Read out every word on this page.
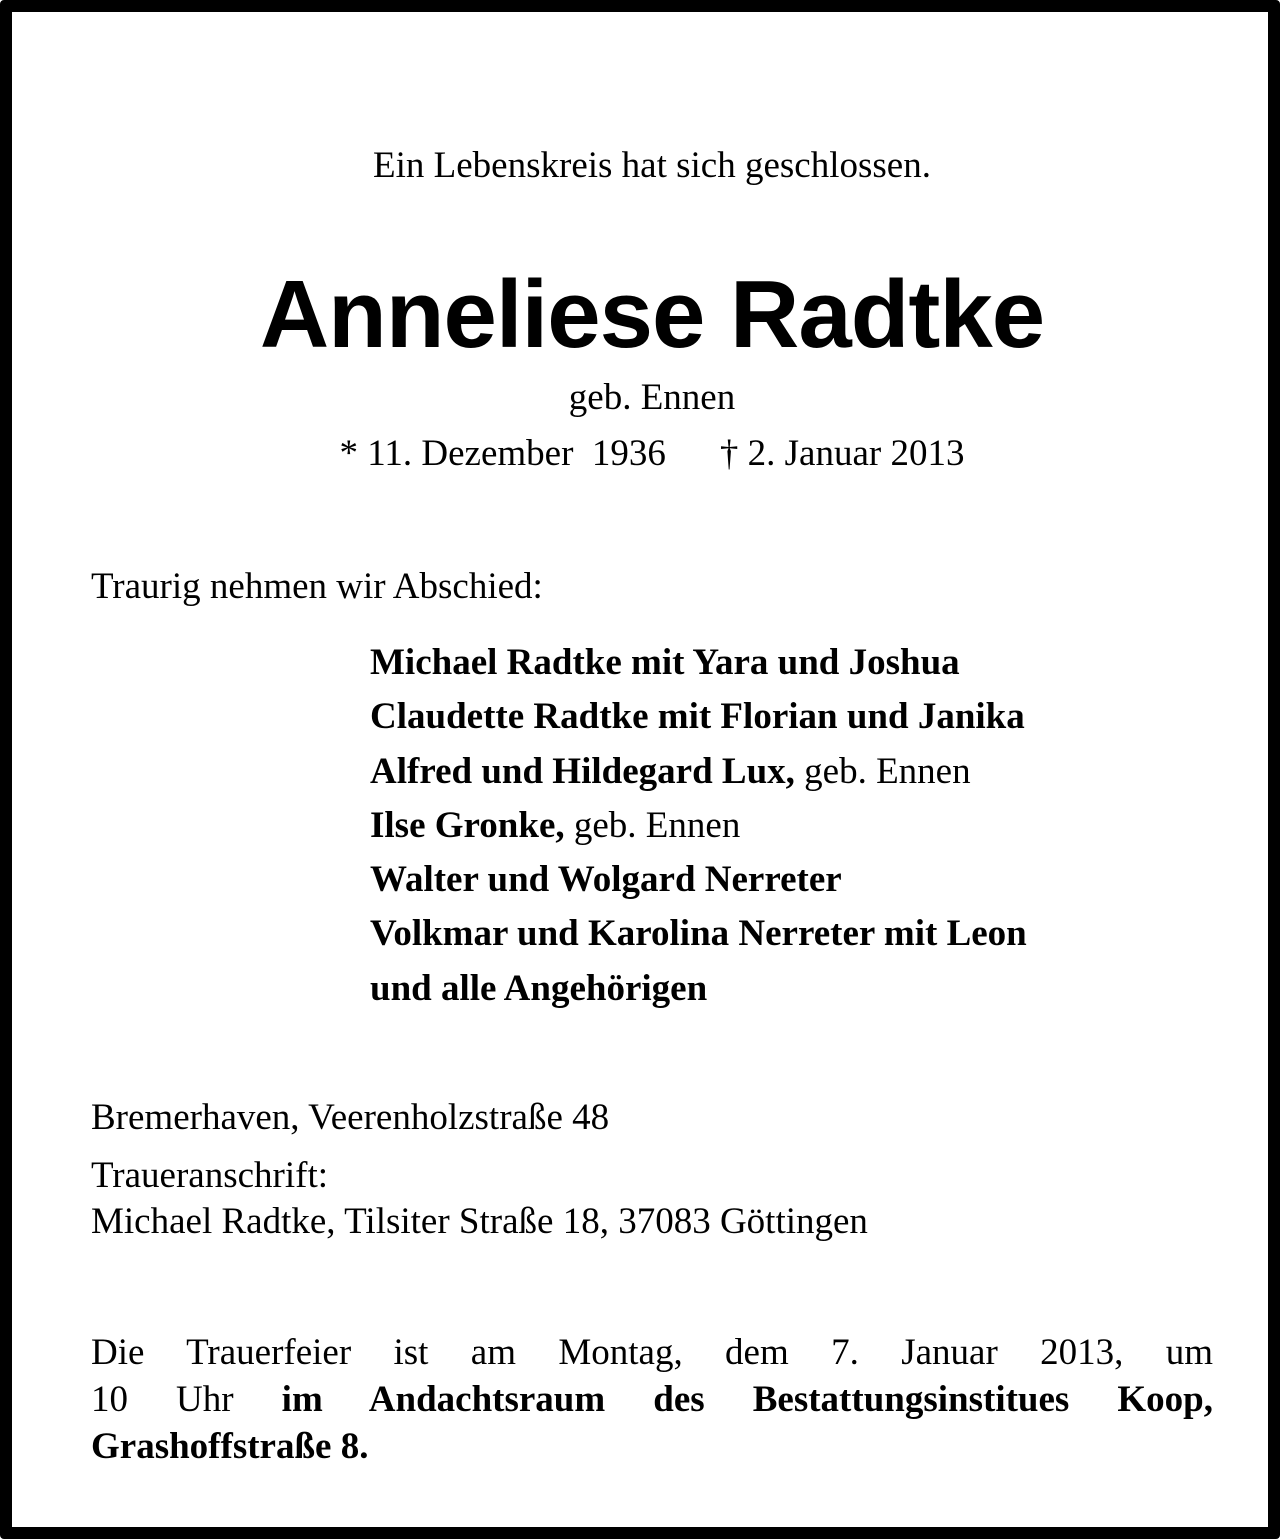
Ein Lebenskreis hat sich geschlossen.

Anneliese Radtke

geb. Ennen

* 11. Dezember  1936 † 2. Januar 2013

Traurig nehmen wir Abschied:

Michael Radtke mit Yara und Joshua
Claudette Radtke mit Florian und Janika
Alfred und Hildegard Lux, geb. Ennen
Ilse Gronke, geb. Ennen
Walter und Wolgard Nerreter
Volkmar und Karolina Nerreter mit Leon
und alle Angehörigen

Bremerhaven, Veerenholzstraße 48

Traueranschrift:

Michael Radtke, Tilsiter Straße 18, 37083 Göttingen

Die Trauerfeier ist am Montag, dem 7. Januar 2013, um
10 Uhr im Andachtsraum des Bestattungsinstitues Koop,
Grashoffstraße 8.
